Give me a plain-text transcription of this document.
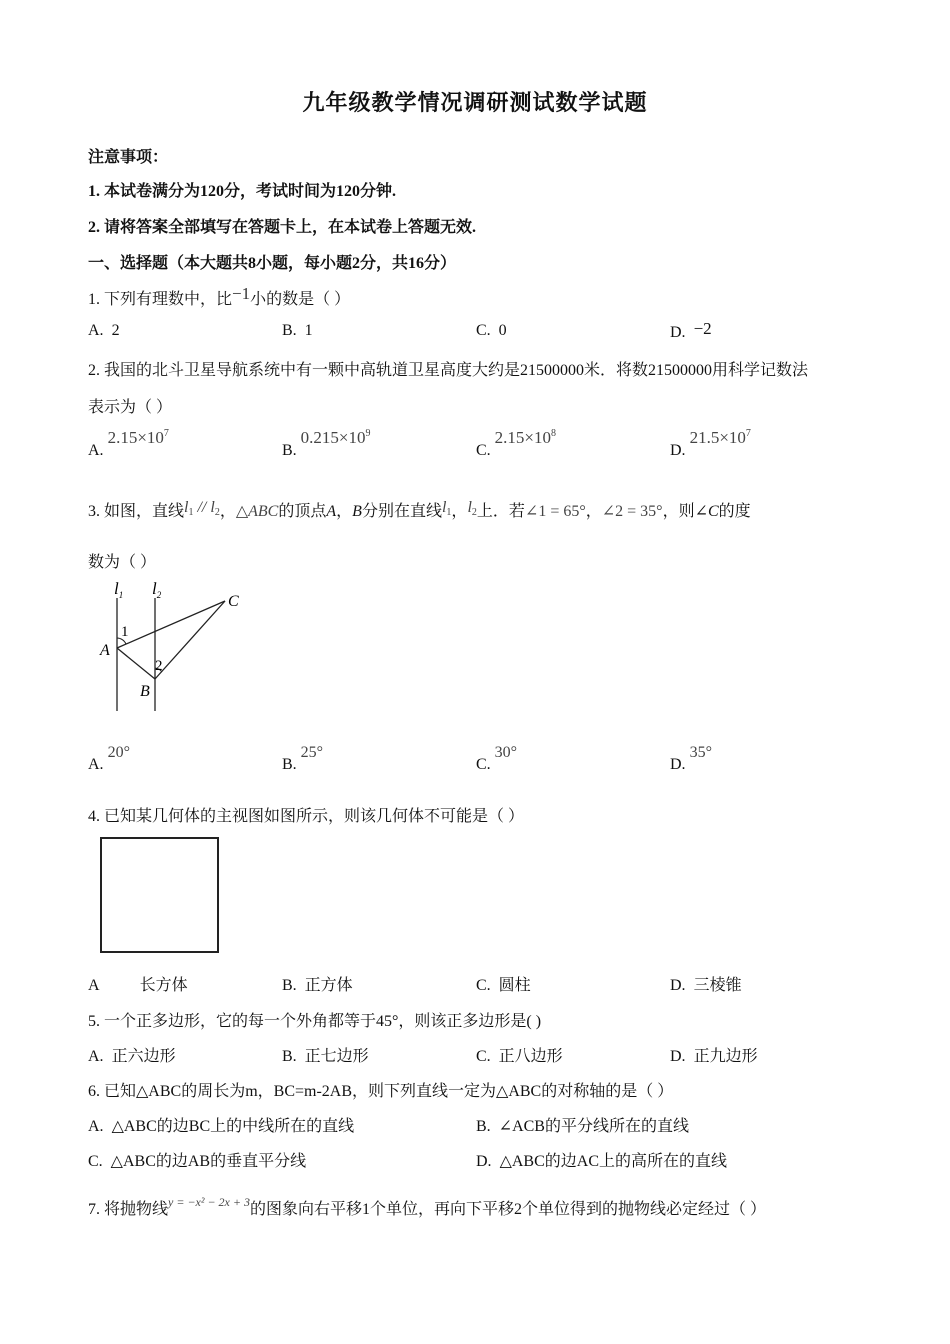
九年级教学情况调研测试数学试题
注意事项：
1. 本试卷满分为120分，考试时间为120分钟.
2. 请将答案全部填写在答题卡上，在本试卷上答题无效.
一、选择题（本大题共8小题，每小题2分，共16分）
1. 下列有理数中，比−1小的数是（ ）
A. 2	B. 1	C. 0	D. −2
2. 我国的北斗卫星导航系统中有一颗中高轨道卫星高度大约是21500000米．将数21500000用科学记数法
表示为（ ）
$A.2.15\times 10^7$
$B.0.215\times 10^9$
$C.2.15\times 10^8$
$D.21.5\times 10^7$
3. 如图，直线$l_1 // l_2$，△ABC的顶点A，B分别在直线$l_1$，$l_2$上．若∠1 = 65°，∠2 = 35°，则∠C的度
数为（ ）
$l_1$ $l_2$
A
B
C
1
2
A.20°
B.25°
C.30°
D.35°
4. 已知某几何体的主视图如图所示，则该几何体不可能是（ ）
A	长方体	B. 正方体	C. 圆柱	D. 三棱锥
5. 一个正多边形，它的每一个外角都等于45°，则该正多边形是( )
A. 正六边形	B. 正七边形	C. 正八边形	D. 正九边形
6. 已知△ABC的周长为m，BC=m-2AB，则下列直线一定为△ABC的对称轴的是（ ）
A. △ABC的边BC上的中线所在的直线	B. ∠ACB的平分线所在的直线
C. △ABC的边AB的垂直平分线	D. △ABC的边AC上的高所在的直线
7. 将抛物线$^{y = -x^2 - 2x + 3}$的图象向右平移1个单位，再向下平移2个单位得到的抛物线必定经过（ ）
